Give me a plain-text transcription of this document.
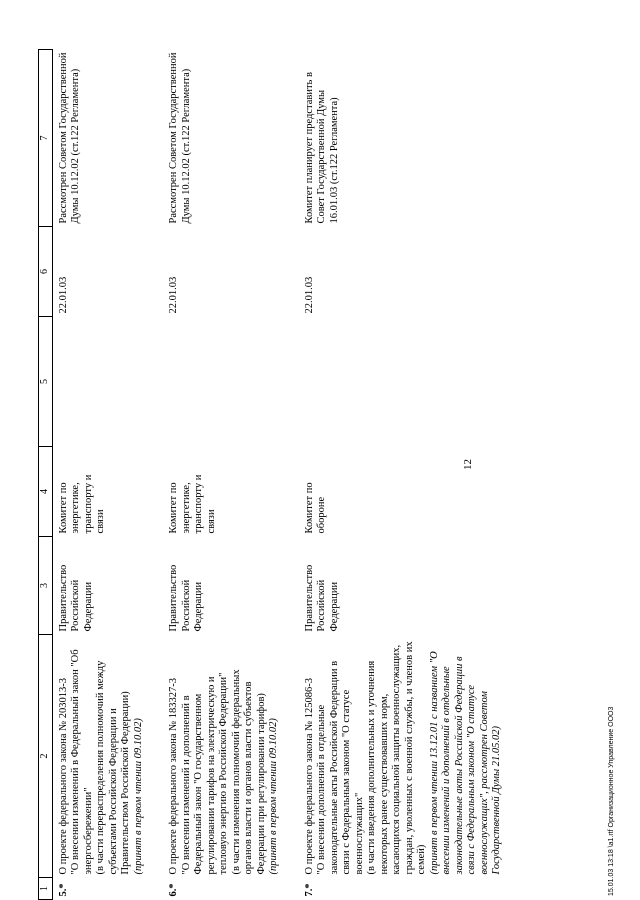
12
1	2	3	4	5	6	7
5.*	О проекте федерального закона № 203013-3 "О внесении изменений в Федеральный закон "Об энергосбережении" (в части перераспределения полномочий между субъектами Российской Федерации и Правительством Российской Федерации) (принят в первом чтении 09.10.02)	Правительство Российской Федерации	Комитет по энергетике, транспорту и связи		22.01.03	Рассмотрен Советом Государственной Думы 10.12.02 (ст.122 Регламента)
6.*	О проекте федерального закона № 183327-3 "О внесении изменений и дополнений в Федеральный закон "О государственном регулировании тарифов на электрическую и тепловую энергию в Российской Федерации" (в части изменения полномочий федеральных органов власти и органов власти субъектов Федерации при регулировании тарифов) (принят в первом чтении 09.10.02)	Правительство Российской Федерации	Комитет по энергетике, транспорту и связи		22.01.03	Рассмотрен Советом Государственной Думы 10.12.02 (ст.122 Регламента)
7.*	О проекте федерального закона № 125086-3 "О внесении дополнений в отдельные законодательные акты Российской Федерации в связи с Федеральным законом "О статусе военнослужащих" (в части введения дополнительных и уточнения некоторых ранее существовавших норм, касающихся социальной защиты военнослужащих, граждан, уволенных с военной службы, и членов их семей) (принят в первом чтении 13.12.01 с названием "О внесении изменений и дополнений в отдельные законодательные акты Российской Федерации в связи с Федеральным законом "О статусе военнослужащих", рассмотрен Советом Государственной Думы 21.05.02)	Правительство Российской Федерации	Комитет по обороне		22.01.03	Комитет планирует представить в Совет Государственной Думы 16.01.03 (ст.122 Регламента)
15.01.03 13:18 \a1.rtf Организационное Управление ООО3
